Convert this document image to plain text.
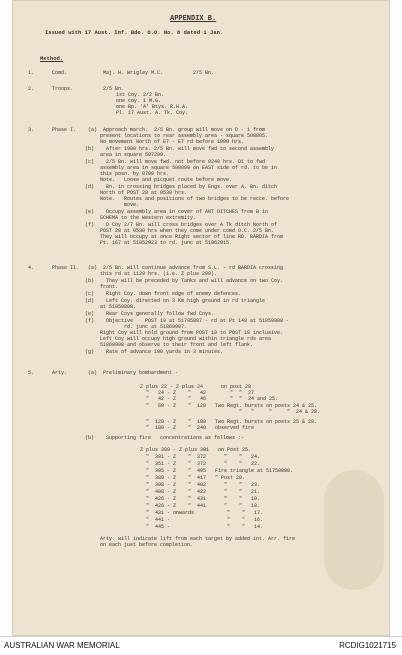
APPENDIX B.
Issued with 17 Aust. Inf. Bde. O.O. No. 8 dated 1 Jan.
Method.
1.      Comd.            Maj. H. Wrigley M.C.          2/5 Bn.
2.      Troops.          2/5 Bn.
1st Coy. 2/2 Bn.
one coy. 1 M.G.
one Bp. 'A' Btys. R.H.A.
Pl. 17 Aust. A. Tk. Coy.
3.      Phase I.    (a)  Approach march.  2/5 Bn. group will move on D - 1 from
present locations to rear assembly area - square 508805.
No movement North of E7 - E7 rd before 1900 hrs.
(b)    After 1900 hrs. 2/5 Bn. will move fwd to second assembly
area in square 507299.
(c)    2/5 Bn. will move fwd. not before 0240 hrs. D1 to fwd
assembly area in square 508099 on EAST side of rd. to be in
this posn. by 0700 hrs.
Note.   Loose and picquet route before move.
(d)    Bn. in crossing bridges placed by Engs. over A. Bn. ditch
North of POST 28 at 0530 hrs.
Note.   Routes and positions of two bridges to be recce. before
move.
(e)    Occupy assembly area in cover of ANT DITCHES from B in
SCHEMA to the Western extremity.
(f)    D Coy 2/7 Bn. will cross bridges over A Tk ditch North of
POST 28 at 0530 hrs when they come under comd O.C. 2/5 Bn.
They will occupy at once Right sector of line RD. BARDIA from
Pt. 167 at 51852923 to rd. junc at 51862915.
4.      Phase II.   (a)  2/5 Bn. will continue advance from S.L. - rd BARDIA crossing
this rd at 1120 hrs. (i.e. Z plus 290).
(b)    They will be preceded by Tanks and will advance on two Coy.
front.
(c)    Right Coy. down front edge of enemy defences.
(d)    Left Coy. directed on 3 Km high ground in rd triangle
at 51859808.
(e)    Rear Coys generally follow fwd Coys.
(f)    Objective    POST 19 at 51795887 - rd at Pt 149 at 51859908 -
rd. junc at 51869907.
Right Coy will hold ground from POST 19 to POST 18 inclusive.
Left Coy will occupy high ground within triangle rds area
51869908 and observe to their front and left flank.
(g)    Rate of advance 100 yards in 3 minutes.
5.      Arty.       (a)  Preliminary bombardment -
Z plus 22 - Z plus 24      on post 28
"   24 - Z    "   42        "  "  27
"   42 - Z    "   46        "  "  24 and 25.
"   60 - Z    "  120   Two Regt. bursts on posts 24 & 25.
"   "     "     "  24 & 28.
"  120 - Z    "  180   Two Regt. bursts on posts 25 & 28.
"  180 - Z    "  240   observed fire
(b)    Supporting fire   concentrations as follows :-
Z plus 300 - Z plus 381   on Post 25.
"  381 - Z    "  372      "    "   24.
"  351 - Z    "  372      "    "   22.
"  395 - Z    "  405   Fire triangle at 51750808.
"  389 - Z    "  417   " Post 20.
"  398 - Z    "  402      "    "   23.
"  408 - Z    "  422      "    "   21.
"  426 - Z    "  431      "    "   19.
"  426 - Z    "  441      "    "   18.
"  431 - onwards           "    "   17.
"  441 -                   "    "   16.
"  445 -                   "    "   14.
Arty. will indicate lift from each target by added int. Arr. fire
on each just before completion.
AUSTRALIAN WAR MEMORIAL	RCDIG1021715
